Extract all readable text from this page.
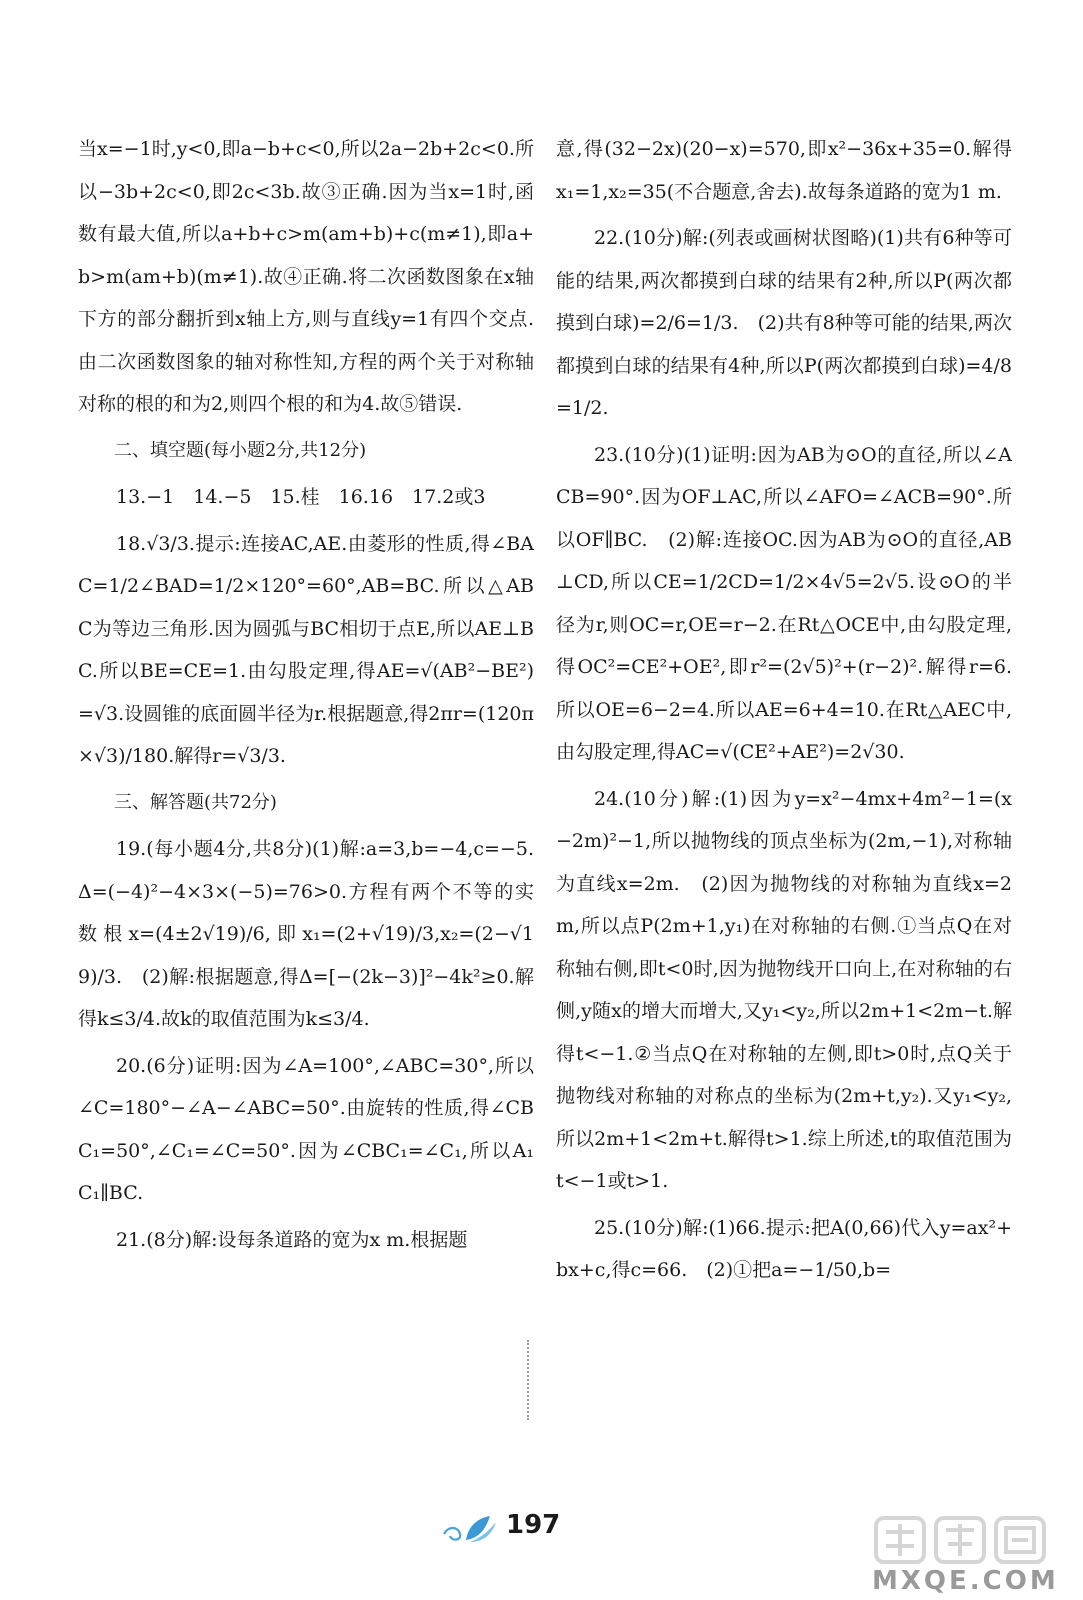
当x=−1时,y<0,即a−b+c<0,所以2a−2b+2c<0.所以−3b+2c<0,即2c<3b.故③正确.因为当x=1时,函数有最大值,所以a+b+c>m(am+b)+c(m≠1),即a+b>m(am+b)(m≠1).故④正确.将二次函数图象在x轴下方的部分翻折到x轴上方,则与直线y=1有四个交点.由二次函数图象的轴对称性知,方程的两个关于对称轴对称的根的和为2,则四个根的和为4.故⑤错误.

二、填空题(每小题2分,共12分)

13.−1　14.−5　15.桂　16.16　17.2或3

18.√3/3.提示:连接AC,AE.由菱形的性质,得∠BAC=1/2∠BAD=1/2×120°=60°,AB=BC.所以△ABC为等边三角形.因为圆弧与BC相切于点E,所以AE⊥BC.所以BE=CE=1.由勾股定理,得AE=√(AB²−BE²)=√3.设圆锥的底面圆半径为r.根据题意,得2πr=(120π×√3)/180.解得r=√3/3.

三、解答题(共72分)

19.(每小题4分,共8分)(1)解:a=3,b=−4,c=−5.Δ=(−4)²−4×3×(−5)=76>0.方程有两个不等的实数根x=(4±2√19)/6,即x₁=(2+√19)/3,x₂=(2−√19)/3.　(2)解:根据题意,得Δ=[−(2k−3)]²−4k²≥0.解得k≤3/4.故k的取值范围为k≤3/4.

20.(6分)证明:因为∠A=100°,∠ABC=30°,所以∠C=180°−∠A−∠ABC=50°.由旋转的性质,得∠CBC₁=50°,∠C₁=∠C=50°.因为∠CBC₁=∠C₁,所以A₁C₁∥BC.

21.(8分)解:设每条道路的宽为x m.根据题

意,得(32−2x)(20−x)=570,即x²−36x+35=0.解得x₁=1,x₂=35(不合题意,舍去).故每条道路的宽为1 m.

22.(10分)解:(列表或画树状图略)(1)共有6种等可能的结果,两次都摸到白球的结果有2种,所以P(两次都摸到白球)=2/6=1/3.　(2)共有8种等可能的结果,两次都摸到白球的结果有4种,所以P(两次都摸到白球)=4/8=1/2.

23.(10分)(1)证明:因为AB为⊙O的直径,所以∠ACB=90°.因为OF⊥AC,所以∠AFO=∠ACB=90°.所以OF∥BC.　(2)解:连接OC.因为AB为⊙O的直径,AB⊥CD,所以CE=1/2CD=1/2×4√5=2√5.设⊙O的半径为r,则OC=r,OE=r−2.在Rt△OCE中,由勾股定理,得OC²=CE²+OE²,即r²=(2√5)²+(r−2)².解得r=6.所以OE=6−2=4.所以AE=6+4=10.在Rt△AEC中,由勾股定理,得AC=√(CE²+AE²)=2√30.

24.(10分)解:(1)因为y=x²−4mx+4m²−1=(x−2m)²−1,所以抛物线的顶点坐标为(2m,−1),对称轴为直线x=2m.　(2)因为抛物线的对称轴为直线x=2m,所以点P(2m+1,y₁)在对称轴的右侧.①当点Q在对称轴右侧,即t<0时,因为抛物线开口向上,在对称轴的右侧,y随x的增大而增大,又y₁<y₂,所以2m+1<2m−t.解得t<−1.②当点Q在对称轴的左侧,即t>0时,点Q关于抛物线对称轴的对称点的坐标为(2m+t,y₂).又y₁<y₂,所以2m+1<2m+t.解得t>1.综上所述,t的取值范围为t<−1或t>1.

25.(10分)解:(1)66.提示:把A(0,66)代入y=ax²+bx+c,得c=66.　(2)①把a=−1/50,b=

197
MXQE.COM
